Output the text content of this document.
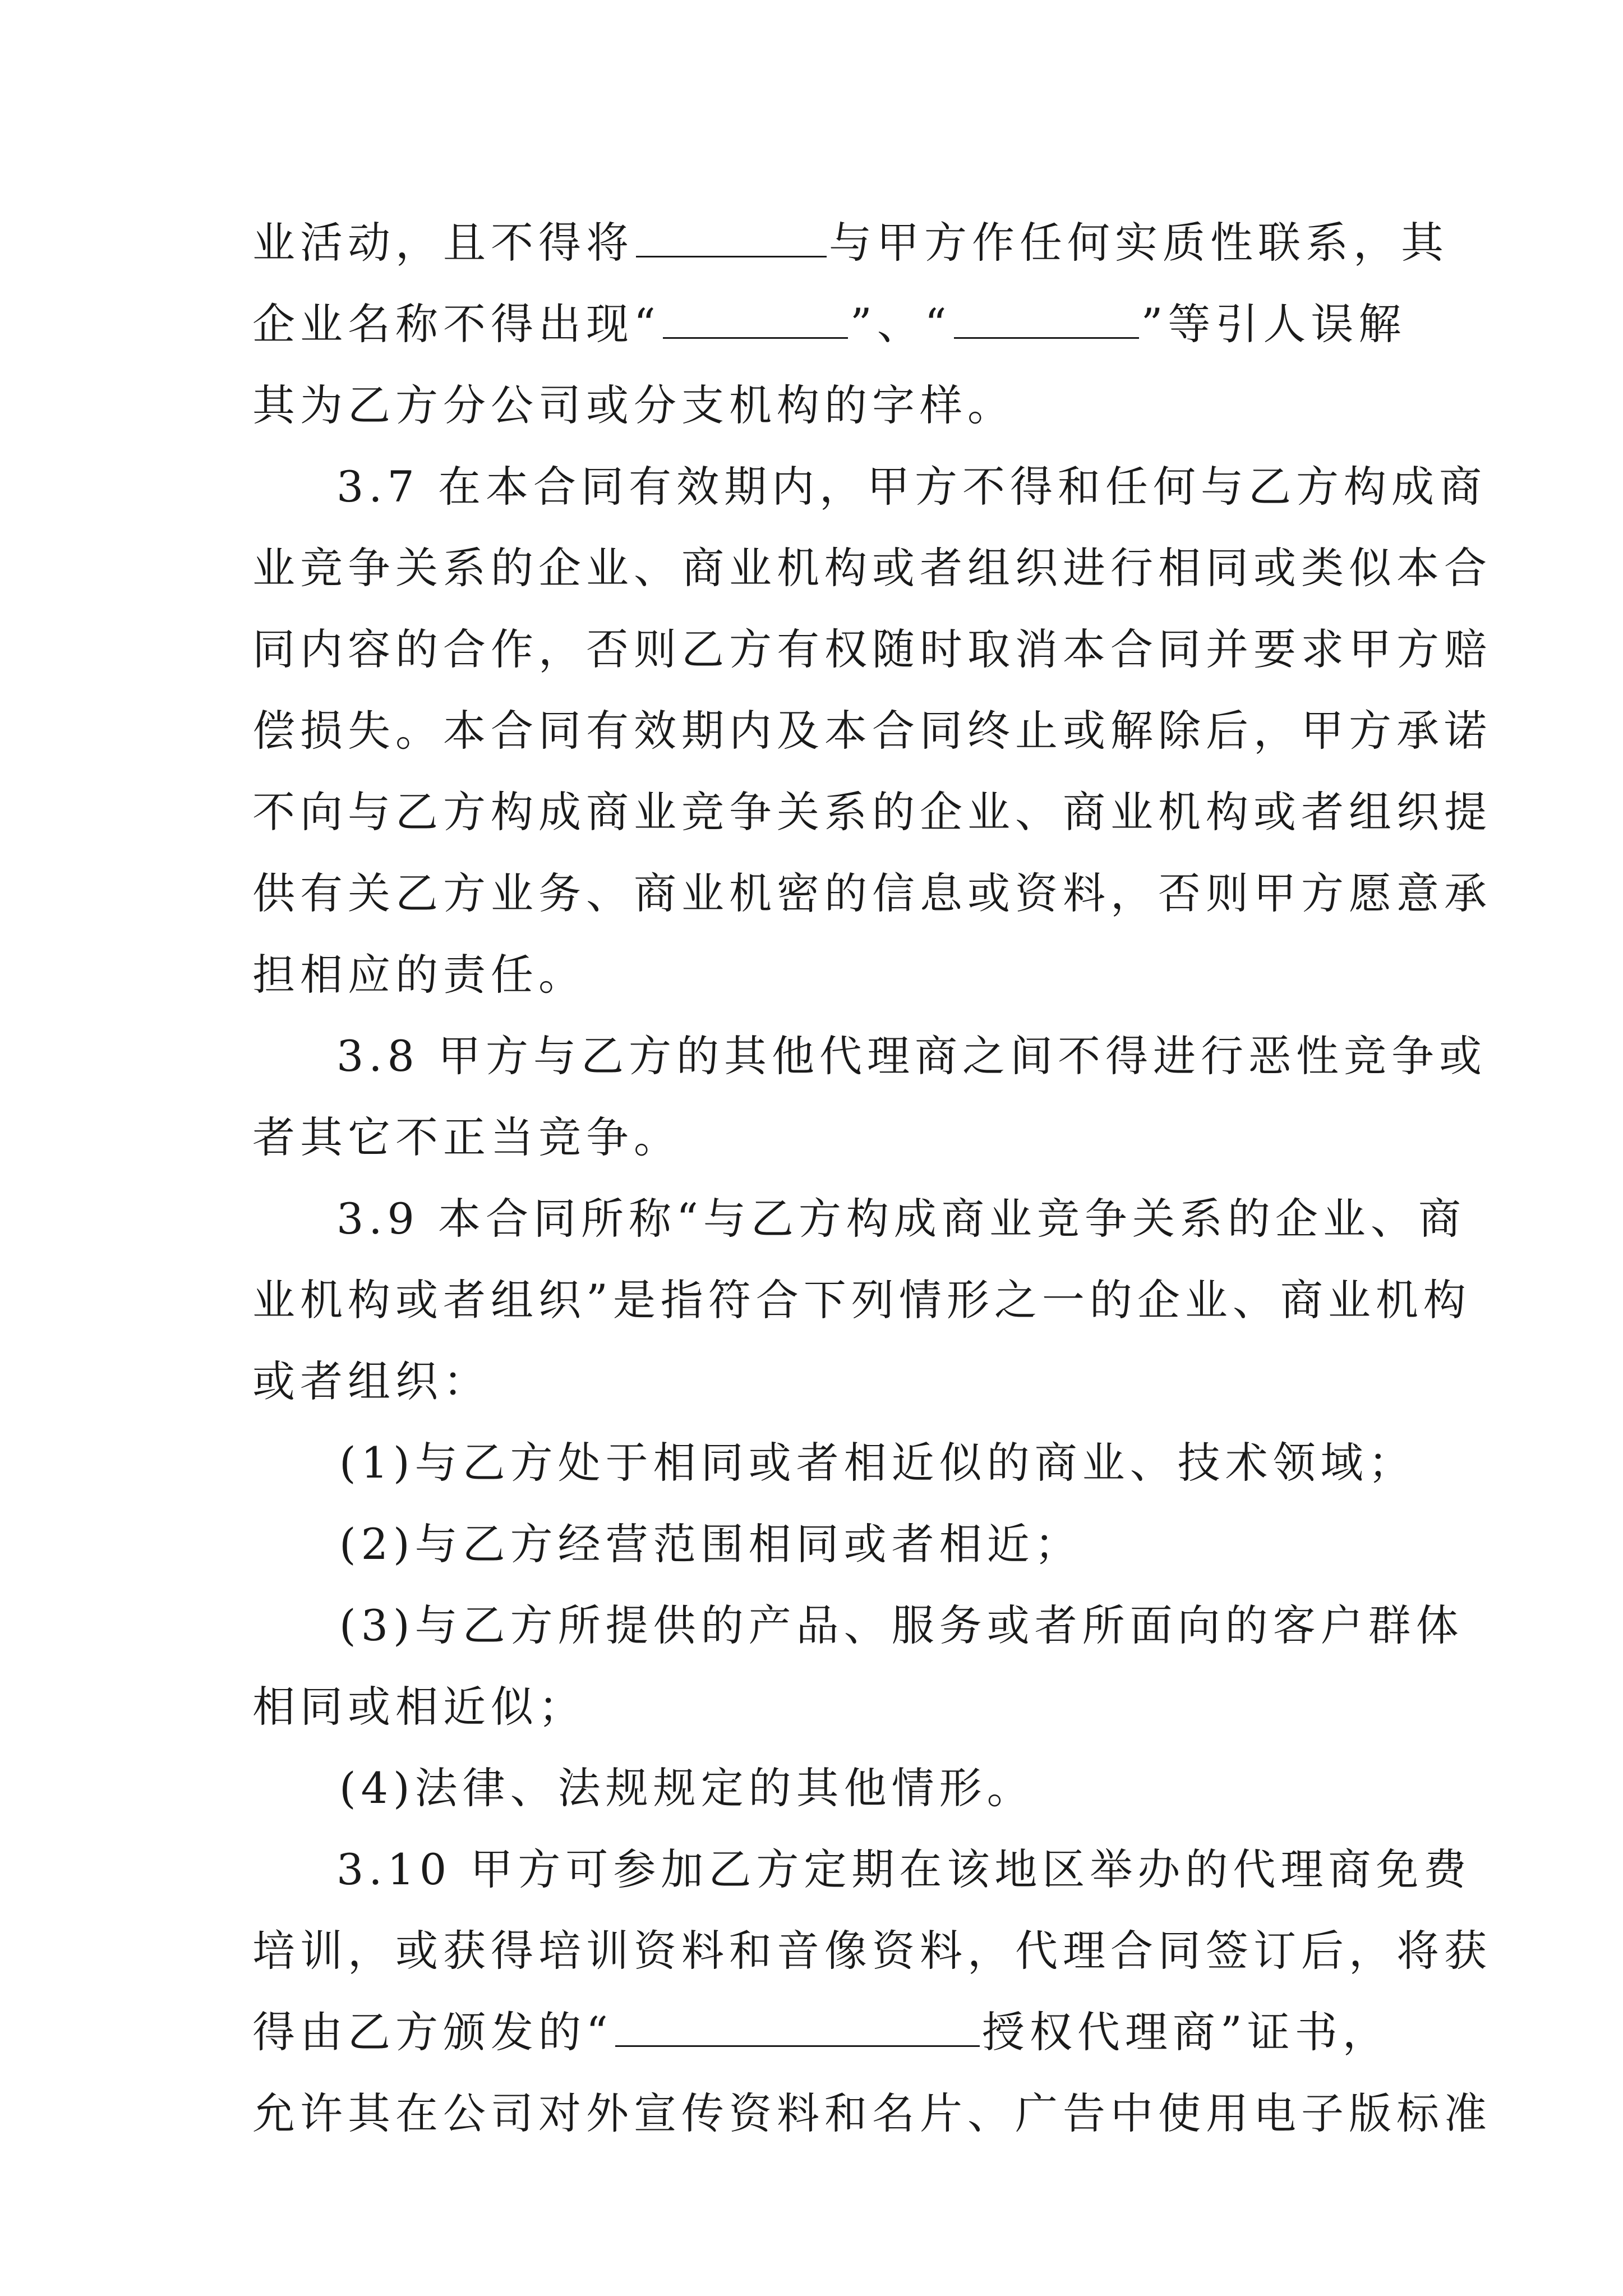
业活动，且不得将	与甲方作任何实质性联系，其
企业名称不得出现“	”、“	”等引人误解
其为乙方分公司或分支机构的字样。
3.7 在本合同有效期内，甲方不得和任何与乙方构成商
业竞争关系的企业、商业机构或者组织进行相同或类似本合
同内容的合作，否则乙方有权随时取消本合同并要求甲方赔
偿损失。本合同有效期内及本合同终止或解除后，甲方承诺
不向与乙方构成商业竞争关系的企业、商业机构或者组织提
供有关乙方业务、商业机密的信息或资料，否则甲方愿意承
担相应的责任。
3.8 甲方与乙方的其他代理商之间不得进行恶性竞争或
者其它不正当竞争。
3.9 本合同所称“与乙方构成商业竞争关系的企业、商
业机构或者组织”是指符合下列情形之一的企业、商业机构
或者组织：
(1)与乙方处于相同或者相近似的商业、技术领域；
(2)与乙方经营范围相同或者相近；
(3)与乙方所提供的产品、服务或者所面向的客户群体
相同或相近似；
(4)法律、法规规定的其他情形。
3.10 甲方可参加乙方定期在该地区举办的代理商免费
培训，或获得培训资料和音像资料，代理合同签订后，将获
得由乙方颁发的“	授权代理商”证书，
允许其在公司对外宣传资料和名片、广告中使用电子版标准
